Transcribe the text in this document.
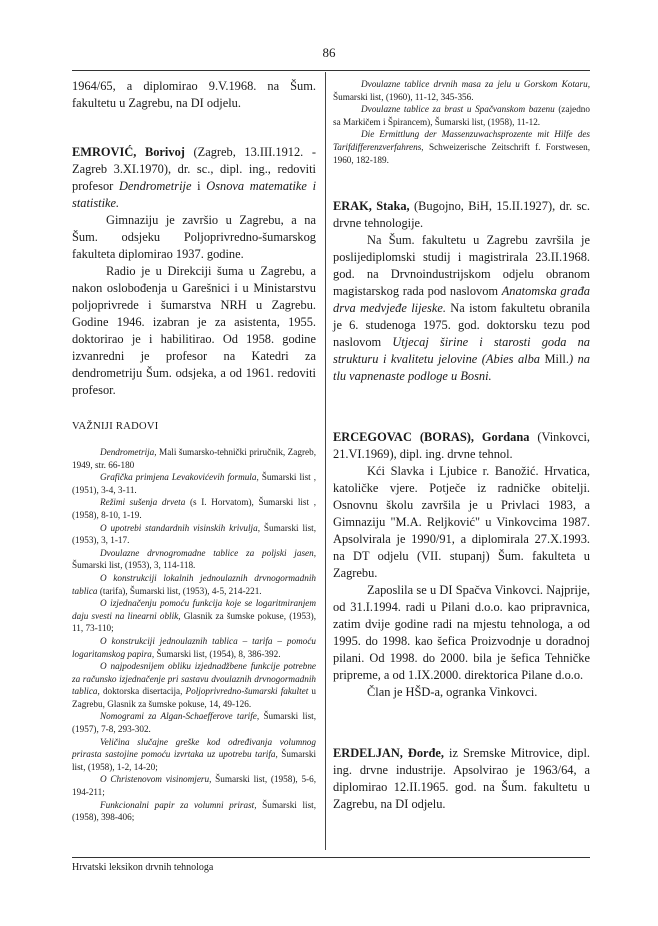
86

1964/65, a diplomirao 9.V.1968. na Šum. fakultetu u Zagrebu, na DI odjelu.

EMROVIĆ, Borivoj (Zagreb, 13.III.1912. - Zagreb 3.XI.1970), dr. sc., dipl. ing., redoviti profesor Dendrometrije i Osnova matematike i statistike.

Gimnaziju je završio u Zagrebu, a na Šum. odsjeku Poljoprivredno-šumarskog fakulteta diplomirao 1937. godine.

Radio je u Direkciji šuma u Zagrebu, a nakon oslobođenja u Garešnici i u Ministarstvu poljoprivrede i šumarstva NRH u Zagrebu. Godine 1946. izabran je za asistenta, 1955. doktorirao je i habilitirao. Od 1958. godine izvanredni je profesor na Katedri za dendrometriju Šum. odsjeka, a od 1961. redoviti profesor.

VAŽNIJI RADOVI

Dendrometrija, Mali šumarsko-tehnički priručnik, Zagreb, 1949, str. 66-180

Grafička primjena Levakovićevih formula, Šumarski list , (1951), 3-4, 3-11.

Režimi sušenja drveta (s I. Horvatom), Šumarski list , (1958), 8-10, 1-19.

O upotrebi standardnih visinskih krivulja, Šumarski list, (1953), 3, 1-17.

Dvoulazne drvnogromadne tablice za poljski jasen, Šumarski list, (1953), 3, 114-118.

O konstrukciji lokalnih jednoulaznih drvnogormadnih tablica (tarifa), Šumarski list, (1953), 4-5, 214-221.

O izjednačenju pomoću funkcija koje se logaritmiranjem daju svesti na linearni oblik, Glasnik za šumske pokuse, (1953), 11, 73-110;

O konstrukciji jednoulaznih tablica – tarifa – pomoću logaritamskog papira, Šumarski list, (1954), 8, 386-392.

O najpodesnijem obliku izjednadžbene funkcije potrebne za računsko izjednačenje pri sastavu dvoulaznih drvnogormadnih tablica, doktorska disertacija, Poljoprivredno-šumarski fakultet u Zagrebu, Glasnik za šumske pokuse, 14, 49-126.

Nomogrami za Algan-Schaefferove tarife, Šumarski list, (1957), 7-8, 293-302.

Veličina slučajne greške kod određivanja volumnog prirasta sastojine pomoću izvrtaka uz upotrebu tarifa, Šumarski list, (1958), 1-2, 14-20;

O Christenovom visinomjeru, Šumarski list, (1958), 5-6, 194-211;

Funkcionalni papir za volumni prirast, Šumarski list, (1958), 398-406;

Dvoulazne tablice drvnih masa za jelu u Gorskom Kotaru, Šumarski list, (1960), 11-12, 345-356.

Dvoulazne tablice za brast u Spačvanskom bazenu (zajedno sa Markičem i Špirancem), Šumarski list, (1958), 11-12.

Die Ermittlung der Massenzuwachsprozente mit Hilfe des Tarifdifferenzverfahrens, Schweizerische Zeitschrift f. Forstwesen, 1960, 182-189.

ERAK, Staka, (Bugojno, BiH, 15.II.1927), dr. sc. drvne tehnologije.

Na Šum. fakultetu u Zagrebu završila je poslijediplomski studij i magistrirala 23.II.1968. god. na Drvnoindustrijskom odjelu obranom magistarskog rada pod naslovom Anatomska građa drva medvjeđe lijeske. Na istom fakultetu obranila je 6. studenoga 1975. god. doktorsku tezu pod naslovom Utjecaj širine i starosti goda na strukturu i kvalitetu jelovine (Abies alba Mill.) na tlu vapnenaste podloge u Bosni.

ERCEGOVAC (BORAS), Gordana (Vinkovci, 21.VI.1969), dipl. ing. drvne tehnol.

Kći Slavka i Ljubice r. Banožić. Hrvatica, katoličke vjere. Potječe iz radničke obitelji. Osnovnu školu završila je u Privlaci 1983, a Gimnaziju "M.A. Reljković" u Vinkovcima 1987. Apsolvirala je 1990/91, a diplomirala 27.X.1993. na DT odjelu (VII. stupanj) Šum. fakulteta u Zagrebu.

Zaposlila se u DI Spačva Vinkovci. Najprije, od 31.I.1994. radi u Pilani d.o.o. kao pripravnica, zatim dvije godine radi na mjestu tehnologa, a od 1995. do 1998. kao šefica Proizvodnje u doradnoj pilani. Od 1998. do 2000. bila je šefica Tehničke pripreme, a od 1.IX.2000. direktorica Pilane d.o.o.

Član je HŠD-a, ogranka Vinkovci.

ERDELJAN, Đorđe, iz Sremske Mitrovice, dipl. ing. drvne industrije. Apsolvirao je 1963/64, a diplomirao 12.II.1965. god. na Šum. fakultetu u Zagrebu, na DI odjelu.

Hrvatski leksikon drvnih tehnologa
